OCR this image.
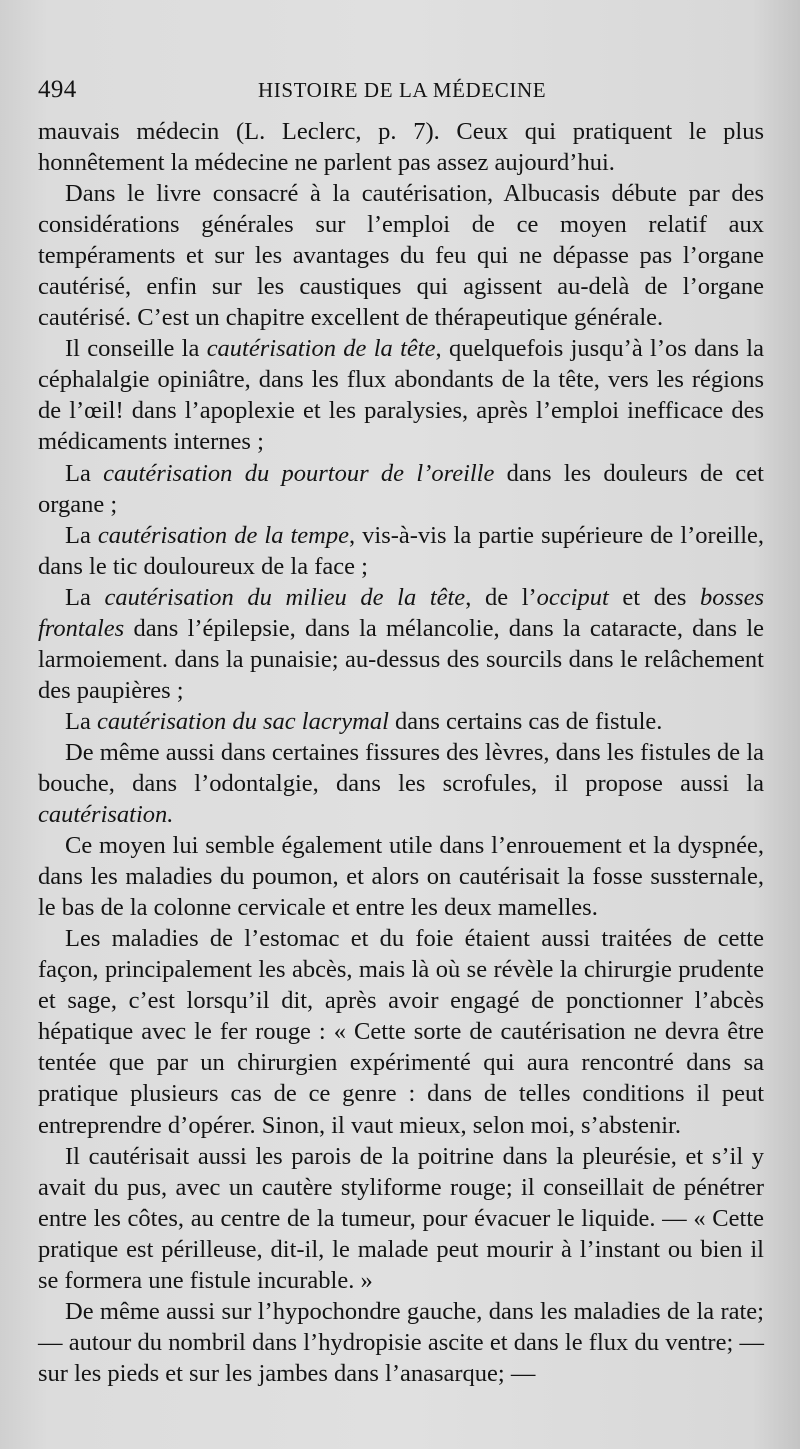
494	HISTOIRE DE LA MÉDECINE

mauvais médecin (L. Leclerc, p. 7). Ceux qui pratiquent le plus honnêtement la médecine ne parlent pas assez aujourd’hui.

Dans le livre consacré à la cautérisation, Albucasis débute par des considérations générales sur l’emploi de ce moyen relatif aux tempéraments et sur les avantages du feu qui ne dépasse pas l’organe cautérisé, enfin sur les caustiques qui agissent au-delà de l’organe cautérisé. C’est un chapitre excellent de thérapeutique générale.

Il conseille la cautérisation de la tête, quelquefois jusqu’à l’os dans la céphalalgie opiniâtre, dans les flux abondants de la tête, vers les régions de l’œil! dans l’apoplexie et les paralysies, après l’emploi inefficace des médicaments internes ;

La cautérisation du pourtour de l’oreille dans les douleurs de cet organe ;

La cautérisation de la tempe, vis-à-vis la partie supérieure de l’oreille, dans le tic douloureux de la face ;

La cautérisation du milieu de la tête, de l’occiput et des bosses frontales dans l’épilepsie, dans la mélancolie, dans la cataracte, dans le larmoiement. dans la punaisie; au-dessus des sourcils dans le relâchement des paupières ;

La cautérisation du sac lacrymal dans certains cas de fistule.

De même aussi dans certaines fissures des lèvres, dans les fistules de la bouche, dans l’odontalgie, dans les scrofules, il propose aussi la cautérisation.

Ce moyen lui semble également utile dans l’enrouement et la dyspnée, dans les maladies du poumon, et alors on cautérisait la fosse sussternale, le bas de la colonne cervicale et entre les deux mamelles.

Les maladies de l’estomac et du foie étaient aussi traitées de cette façon, principalement les abcès, mais là où se révèle la chirurgie prudente et sage, c’est lorsqu’il dit, après avoir engagé de ponctionner l’abcès hépatique avec le fer rouge : « Cette sorte de cautérisation ne devra être tentée que par un chirurgien expérimenté qui aura rencontré dans sa pratique plusieurs cas de ce genre : dans de telles conditions il peut entreprendre d’opérer. Sinon, il vaut mieux, selon moi, s’abstenir.

Il cautérisait aussi les parois de la poitrine dans la pleurésie, et s’il y avait du pus, avec un cautère styliforme rouge; il conseillait de pénétrer entre les côtes, au centre de la tumeur, pour évacuer le liquide. — « Cette pratique est périlleuse, dit-il, le malade peut mourir à l’instant ou bien il se formera une fistule incurable. »

De même aussi sur l’hypochondre gauche, dans les maladies de la rate; — autour du nombril dans l’hydropisie ascite et dans le flux du ventre; — sur les pieds et sur les jambes dans l’anasarque; —
